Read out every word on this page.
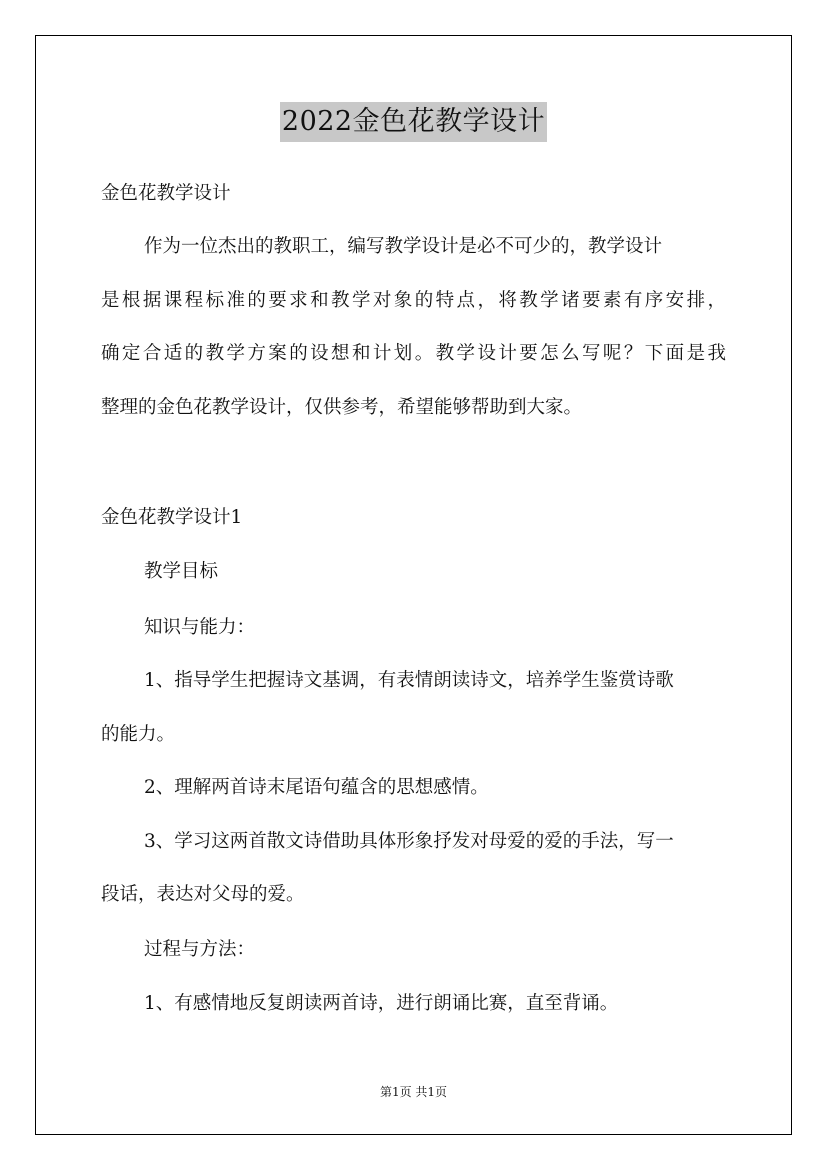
2022金色花教学设计
金色花教学设计
作为一位杰出的教职工，编写教学设计是必不可少的，教学设计
是根据课程标准的要求和教学对象的特点，将教学诸要素有序安排，
确定合适的教学方案的设想和计划。教学设计要怎么写呢？下面是我
整理的金色花教学设计，仅供参考，希望能够帮助到大家。
金色花教学设计1
教学目标
知识与能力：
1、指导学生把握诗文基调，有表情朗读诗文，培养学生鉴赏诗歌
的能力。
2、理解两首诗末尾语句蕴含的思想感情。
3、学习这两首散文诗借助具体形象抒发对母爱的爱的手法，写一
段话，表达对父母的爱。
过程与方法：
1、有感情地反复朗读两首诗，进行朗诵比赛，直至背诵。
第1页 共1页
